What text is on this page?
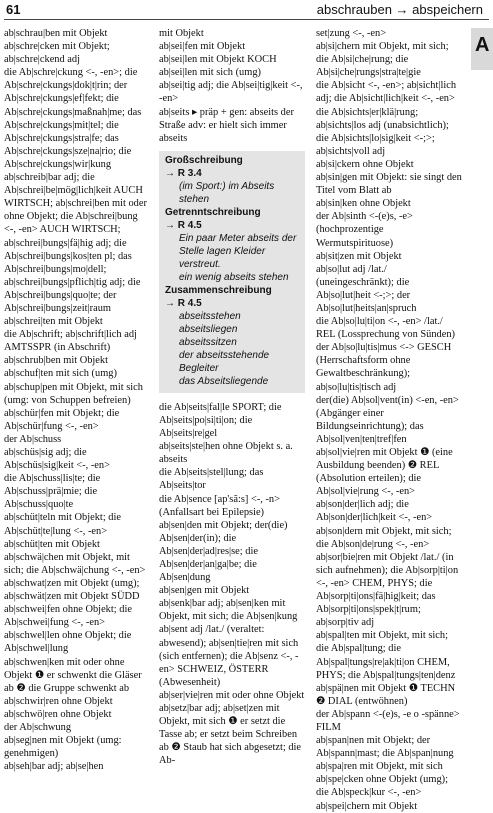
61	abschrauben → abspeichern
A

ab|schrau|ben mit Objekt

ab|schre|cken mit Objekt; ab|schre|ckend adj

die Ab|schre|ckung <-, -en>; die Ab|schre|ckungs|dok|t|rin; der Ab|schre|ckungs|ef|fekt; die Ab|schre|ckungs|maßnah|me; das Ab|schre|ckungs|mit|tel; die Ab|schre|ckungs|stra|fe; das Ab|schre|ckungs|sze|na|rio; die Ab|schre|ckungs|wir|kung

ab|schreib|bar adj; die Ab|schrei|be|mög|lich|keit AUCH WIRTSCH; ab|schrei|ben mit oder ohne Objekt; die Ab|schrei|bung <-, -en> AUCH WIRTSCH; ab|schrei|bungs|fä|hig adj; die Ab|schrei|bungs|kos|ten pl; das Ab|schrei|bungs|mo|dell; ab|schrei|bungs|pflich|tig adj; die Ab|schrei|bungs|quo|te; der Ab|schrei|bungs|zeit|raum

ab|schrei|ten mit Objekt

die Ab|schrift; ab|schrift|lich adj AMTSSPR (in Abschrift)

ab|schrub|ben mit Objekt

ab|schuf|ten mit sich (umg)

ab|schup|pen mit Objekt, mit sich (umg: von Schuppen befreien)

ab|schür|fen mit Objekt; die Ab|schür|fung <-, -en>

der Ab|schuss

ab|schüs|sig adj; die Ab|schüs|sig|keit <-, -en>

die Ab|schuss|lis|te; die Ab|schuss|prä|mie; die Ab|schuss|quo|te

ab|schüt|teln mit Objekt; die Ab|schüt|te|lung <-, -en>

ab|schüt|ten mit Objekt

ab|schwä|chen mit Objekt, mit sich; die Ab|schwä|chung <-, -en>

ab|schwat|zen mit Objekt (umg); ab|schwät|zen mit Objekt SÜDD

ab|schwei|fen ohne Objekt; die Ab|schwei|fung <-, -en>

ab|schwel|len ohne Objekt; die Ab|schwel|lung

ab|schwen|ken mit oder ohne Objekt ❶ er schwenkt die Gläser ab ❷ die Gruppe schwenkt ab

ab|schwir|ren ohne Objekt

ab|schwö|ren ohne Objekt

der Ab|schwung

ab|seg|nen mit Objekt (umg: genehmigen)

ab|seh|bar adj; ab|se|hen

mit Objekt

ab|sei|fen mit Objekt

ab|sei|len mit Objekt KOCH

ab|sei|len mit sich (umg)

ab|sei|tig adj; die Ab|sei|tig|keit <-, -en>

ab|seits ▸ präp + gen: abseits der Straße adv: er hielt sich immer abseits

Großschreibung
→ R 3.4
(im Sport:) im Abseits stehen
Getrenntschreibung
→ R 4.5
Ein paar Meter abseits der Stelle lagen Kleider verstreut.
ein wenig abseits stehen
Zusammenschreibung
→ R 4.5
abseitsstehen
abseitsliegen
abseitssitzen
der abseitsstehende Begleiter
das Abseitsliegende

die Ab|seits|fal|le SPORT; die Ab|seits|po|si|ti|on; die Ab|seits|re|gel

ab|seits|ste|hen ohne Objekt s. a. abseits

die Ab|seits|stel|lung; das Ab|seits|tor

die Ab|sence [ap'sã:s] <-, -n> (Anfallsart bei Epilepsie)

ab|sen|den mit Objekt; der(die) Ab|sen|der(in); die Ab|sen|der|ad|res|se; die Ab|sen|der|an|ga|be; die Ab|sen|dung

ab|sen|gen mit Objekt

ab|senk|bar adj; ab|sen|ken mit Objekt, mit sich; die Ab|sen|kung

ab|sent adj /lat./ (veraltet: abwesend); ab|sen|tie|ren mit sich (sich entfernen); die Ab|senz <-, -en> SCHWEIZ, ÖSTERR (Abwesenheit)

ab|ser|vie|ren mit oder ohne Objekt

ab|setz|bar adj; ab|set|zen mit Objekt, mit sich ❶ er setzt die Tasse ab; er setzt beim Schreiben ab ❷ Staub hat sich abgesetzt; die Ab-

set|zung <-, -en>

ab|si|chern mit Objekt, mit sich; die Ab|si|che|rung; die Ab|si|che|rungs|stra|te|gie

die Ab|sicht <-, -en>; ab|sicht|lich adj; die Ab|sicht|lich|keit <-, -en>

die Ab|sichts|er|klä|rung; ab|sichts|los adj (unabsichtlich); die Ab|sichts|lo|sig|keit <-;>; ab|sichts|voll adj

ab|si|ckern ohne Objekt

ab|sin|gen mit Objekt: sie singt den Titel vom Blatt ab

ab|sin|ken ohne Objekt

der Ab|sinth <-(e)s, -e> (hochprozentige Wermutspirituose)

ab|sit|zen mit Objekt

ab|so|lut adj /lat./ (uneingeschränkt); die Ab|so|lut|heit <-;>; der Ab|so|lut|heits|an|spruch

die Ab|so|lu|ti|on <-, -en> /lat./ REL (Lossprechung von Sünden)

der Ab|so|lu|tis|mus <-> GESCH (Herrschaftsform ohne Gewaltbeschränkung); ab|so|lu|tis|tisch adj

der(die) Ab|sol|vent(in) <-en, -en> (Abgänger einer Bildungseinrichtung); das Ab|sol|ven|ten|tref|fen

ab|sol|vie|ren mit Objekt ❶ (eine Ausbildung beenden) ❷ REL (Absolution erteilen); die Ab|sol|vie|rung <-, -en>

ab|son|der|lich adj; die Ab|son|der|lich|keit <-, -en>

ab|son|dern mit Objekt, mit sich; die Ab|son|de|rung <-, -en>

ab|sor|bie|ren mit Objekt /lat./ (in sich aufnehmen); die Ab|sorp|ti|on <-, -en> CHEM, PHYS; die Ab|sorp|ti|ons|fä|hig|keit; das Ab|sorp|ti|ons|spek|t|rum; ab|sorp|tiv adj

ab|spal|ten mit Objekt, mit sich; die Ab|spal|tung; die Ab|spal|tungs|re|ak|ti|on CHEM, PHYS; die Ab|spal|tungs|ten|denz

ab|spä|nen mit Objekt ❶ TECHN ❷ DIAL (entwöhnen)

der Ab|spann <-(e)s, -e o -spänne> FILM

ab|span|nen mit Objekt; der Ab|spann|mast; die Ab|span|nung

ab|spa|ren mit Objekt, mit sich

ab|spe|cken ohne Objekt (umg); die Ab|speck|kur <-, -en>

ab|spei|chern mit Objekt
